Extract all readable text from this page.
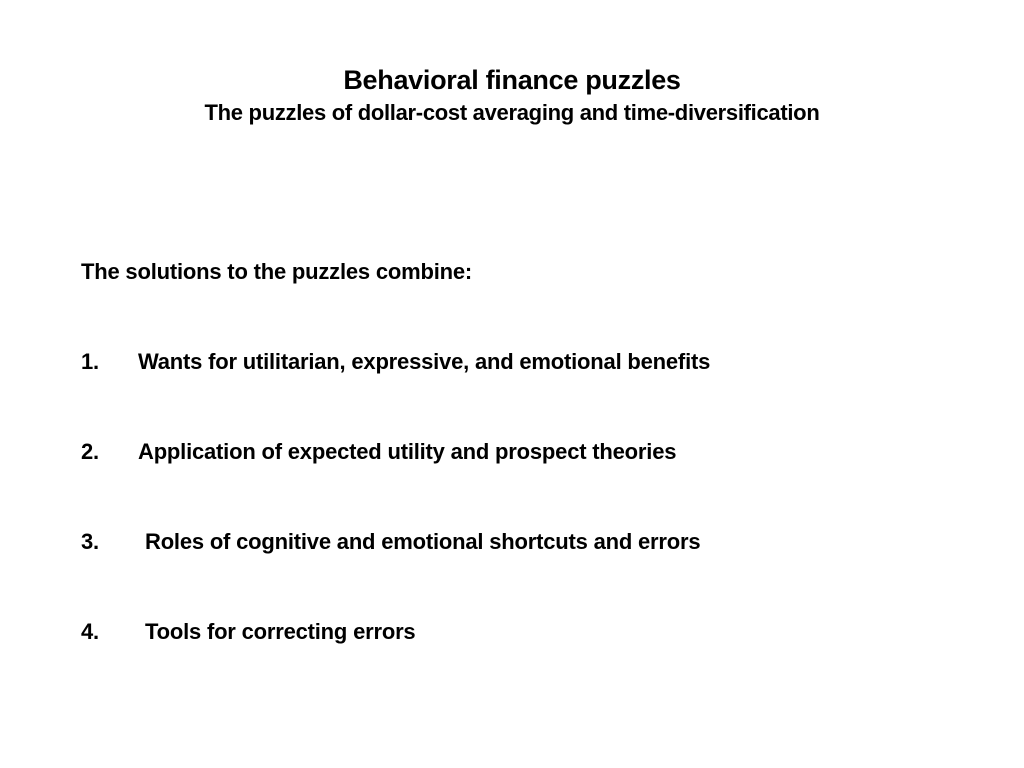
Behavioral finance puzzles
The puzzles of dollar-cost averaging and time-diversification
The solutions to the puzzles combine:
1. Wants for utilitarian, expressive, and emotional benefits
2. Application of expected utility and prospect theories
3. Roles of cognitive and emotional shortcuts and errors
4. Tools for correcting errors
